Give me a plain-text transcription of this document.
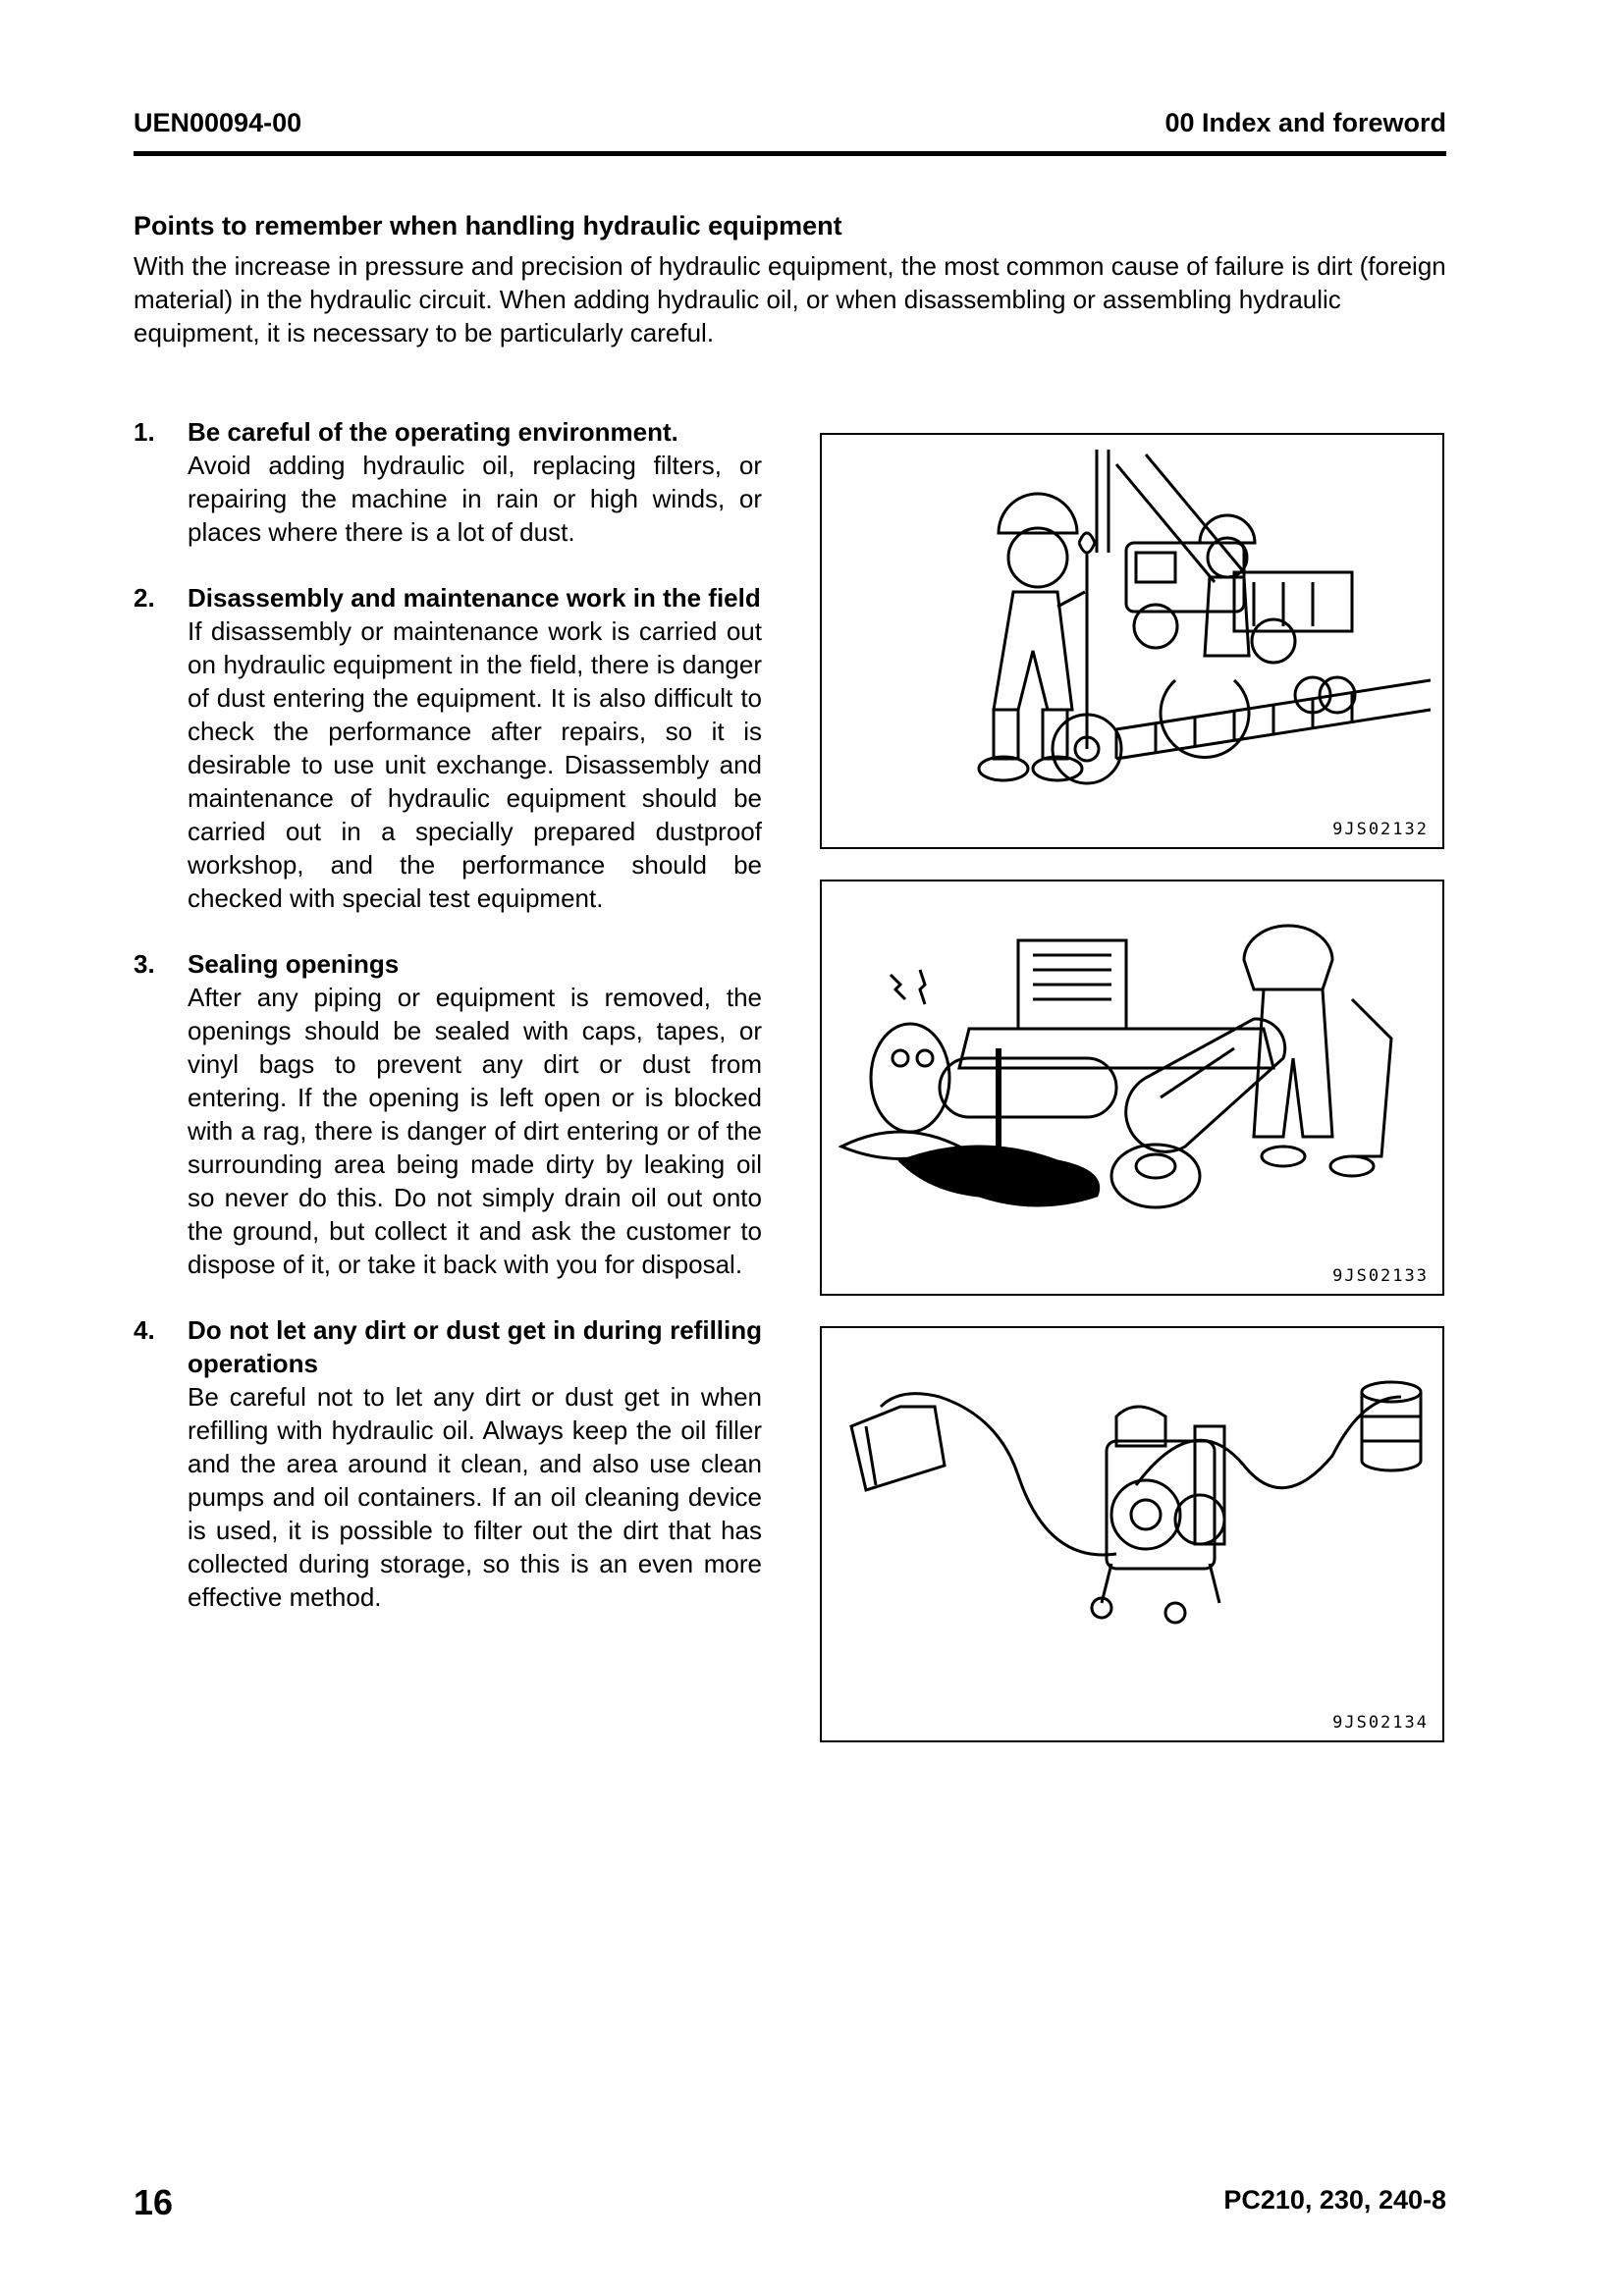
UEN00094-00	00 Index and foreword
Points to remember when handling hydraulic equipment
With the increase in pressure and precision of hydraulic equipment, the most common cause of failure is dirt (foreign material) in the hydraulic circuit. When adding hydraulic oil, or when disassembling or assembling hydraulic equipment, it is necessary to be particularly careful.
1. Be careful of the operating environment.
Avoid adding hydraulic oil, replacing filters, or repairing the machine in rain or high winds, or places where there is a lot of dust.
2. Disassembly and maintenance work in the field
If disassembly or maintenance work is carried out on hydraulic equipment in the field, there is danger of dust entering the equipment. It is also difficult to check the performance after repairs, so it is desirable to use unit exchange. Disassembly and maintenance of hydraulic equipment should be carried out in a specially prepared dustproof workshop, and the performance should be checked with special test equipment.
3. Sealing openings
After any piping or equipment is removed, the openings should be sealed with caps, tapes, or vinyl bags to prevent any dirt or dust from entering. If the opening is left open or is blocked with a rag, there is danger of dirt entering or of the surrounding area being made dirty by leaking oil so never do this. Do not simply drain oil out onto the ground, but collect it and ask the customer to dispose of it, or take it back with you for disposal.
4. Do not let any dirt or dust get in during refilling operations
Be careful not to let any dirt or dust get in when refilling with hydraulic oil. Always keep the oil filler and the area around it clean, and also use clean pumps and oil containers. If an oil cleaning device is used, it is possible to filter out the dirt that has collected during storage, so this is an even more effective method.
9JS02132
9JS02133
9JS02134
16	PC210, 230, 240-8
